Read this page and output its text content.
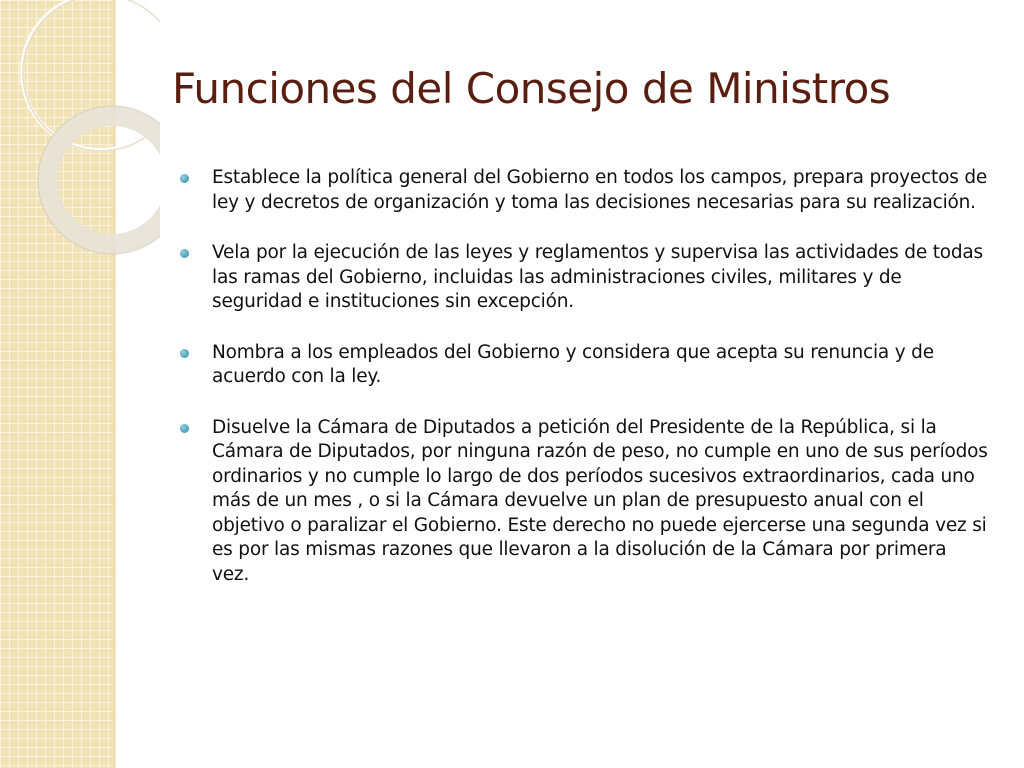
Funciones del Consejo de Ministros
Establece la política general del Gobierno en todos los campos, prepara proyectos de ley y decretos de organización y toma las decisiones necesarias para su realización.
Vela por la ejecución de las leyes y reglamentos y supervisa las actividades de todas las ramas del Gobierno, incluidas las administraciones civiles, militares y de seguridad e instituciones sin excepción.
Nombra a los empleados del Gobierno y considera que acepta su renuncia y de acuerdo con la ley.
Disuelve la Cámara de Diputados a petición del Presidente de la República, si la Cámara de Diputados, por ninguna razón de peso, no cumple en uno de sus períodos ordinarios y no cumple lo largo de dos períodos sucesivos extraordinarios, cada uno más de un mes , o si la Cámara devuelve un plan de presupuesto anual con el objetivo o paralizar el Gobierno. Este derecho no puede ejercerse una segunda vez si es por las mismas razones que llevaron a la disolución de la Cámara por primera vez.
